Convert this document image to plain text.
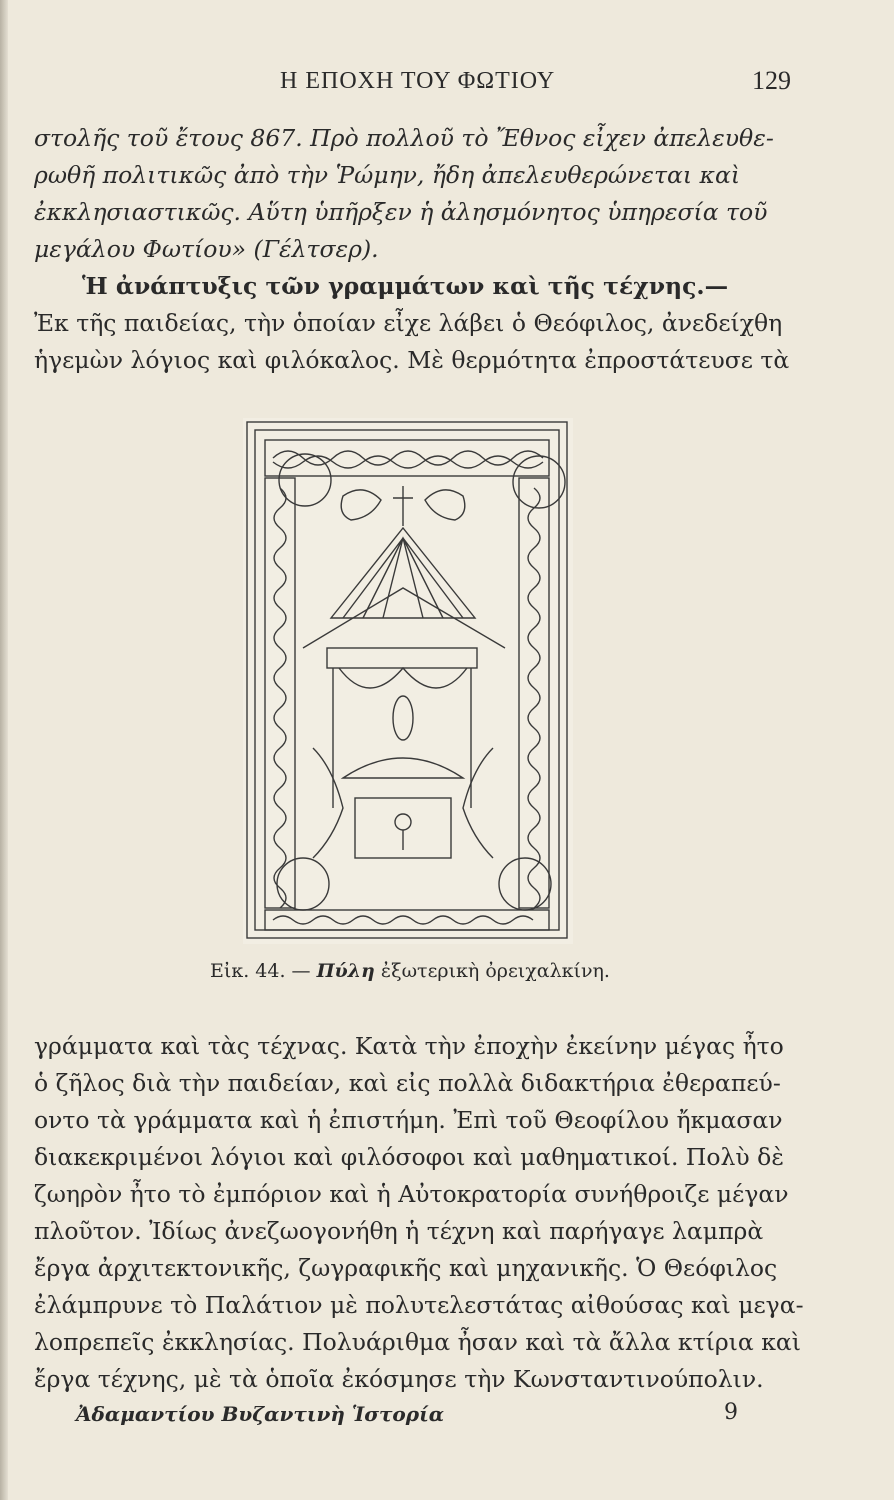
Η ΕΠΟΧΗ ΤΟΥ ΦΩΤΙΟΥ	129
στολῆς τοῦ ἔτους 867. Πρὸ πολλοῦ τὸ Ἔθνος εἶχεν ἀπελευθε-
ρωθῆ πολιτικῶς ἀπὸ τὴν Ῥώμην, ἤδη ἀπελευθερώνεται καὶ
ἐκκλησιαστικῶς. Αὕτη ὑπῆρξεν ἡ ἀλησμόνητος ὑπηρεσία τοῦ
μεγάλου Φωτίου» (Γέλτσερ).
Ἡ ἀνάπτυξις τῶν γραμμάτων καὶ τῆς τέχνης.—
Ἐκ τῆς παιδείας, τὴν ὁποίαν εἶχε λάβει ὁ Θεόφιλος, ἀνεδείχθη
ἡγεμὼν λόγιος καὶ φιλόκαλος. Μὲ θερμότητα ἐπροστάτευσε τὰ
Εἰκ. 44. — Πύλη ἐξωτερικὴ ὀρειχαλκίνη.
γράμματα καὶ τὰς τέχνας. Κατὰ τὴν ἐποχὴν ἐκείνην μέγας ἦτο
ὁ ζῆλος διὰ τὴν παιδείαν, καὶ εἰς πολλὰ διδακτήρια ἐθεραπεύ-
οντο τὰ γράμματα καὶ ἡ ἐπιστήμη. Ἐπὶ τοῦ Θεοφίλου ἤκμασαν
διακεκριμένοι λόγιοι καὶ φιλόσοφοι καὶ μαθηματικοί. Πολὺ δὲ
ζωηρὸν ἦτο τὸ ἐμπόριον καὶ ἡ Αὐτοκρατορία συνήθροιζε μέγαν
πλοῦτον. Ἰδίως ἀνεζωογονήθη ἡ τέχνη καὶ παρήγαγε λαμπρὰ
ἔργα ἀρχιτεκτονικῆς, ζωγραφικῆς καὶ μηχανικῆς. Ὁ Θεόφιλος
ἐλάμπρυνε τὸ Παλάτιον μὲ πολυτελεστάτας αἰθούσας καὶ μεγα-
λοπρεπεῖς ἐκκλησίας. Πολυάριθμα ἦσαν καὶ τὰ ἄλλα κτίρια καὶ
ἔργα τέχνης, μὲ τὰ ὁποῖα ἐκόσμησε τὴν Κωνσταντινούπολιν.
Ἀδαμαντίου Βυζαντινὴ Ἱστορία	9
